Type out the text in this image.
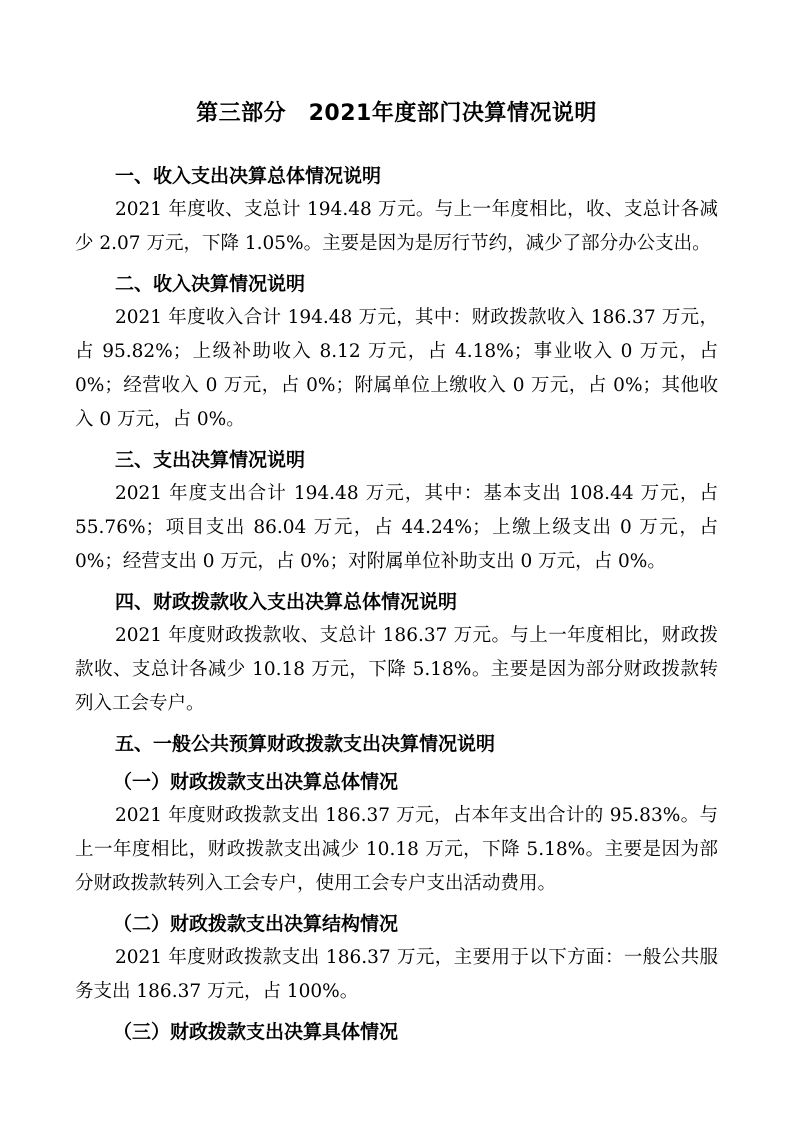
第三部分　2021年度部门决算情况说明

一、收入支出决算总体情况说明

2021 年度收、支总计 194.48 万元。与上一年度相比，收、支总计各减少 2.07 万元，下降 1.05%。主要是因为是厉行节约，减少了部分办公支出。

二、收入决算情况说明

2021 年度收入合计 194.48 万元，其中：财政拨款收入 186.37 万元，占 95.82%；上级补助收入 8.12 万元，占 4.18%；事业收入 0 万元，占 0%；经营收入 0 万元，占 0%；附属单位上缴收入 0 万元，占 0%；其他收入 0 万元，占 0%。

三、支出决算情况说明

2021 年度支出合计 194.48 万元，其中：基本支出 108.44 万元，占 55.76%；项目支出 86.04 万元，占 44.24%；上缴上级支出 0 万元，占 0%；经营支出 0 万元，占 0%；对附属单位补助支出 0 万元，占 0%。

四、财政拨款收入支出决算总体情况说明

2021 年度财政拨款收、支总计 186.37 万元。与上一年度相比，财政拨款收、支总计各减少 10.18 万元，下降 5.18%。主要是因为部分财政拨款转列入工会专户。

五、一般公共预算财政拨款支出决算情况说明

（一）财政拨款支出决算总体情况

2021 年度财政拨款支出 186.37 万元，占本年支出合计的 95.83%。与上一年度相比，财政拨款支出减少 10.18 万元，下降 5.18%。主要是因为部分财政拨款转列入工会专户，使用工会专户支出活动费用。

（二）财政拨款支出决算结构情况

2021 年度财政拨款支出 186.37 万元，主要用于以下方面：一般公共服务支出 186.37 万元，占 100%。

（三）财政拨款支出决算具体情况
